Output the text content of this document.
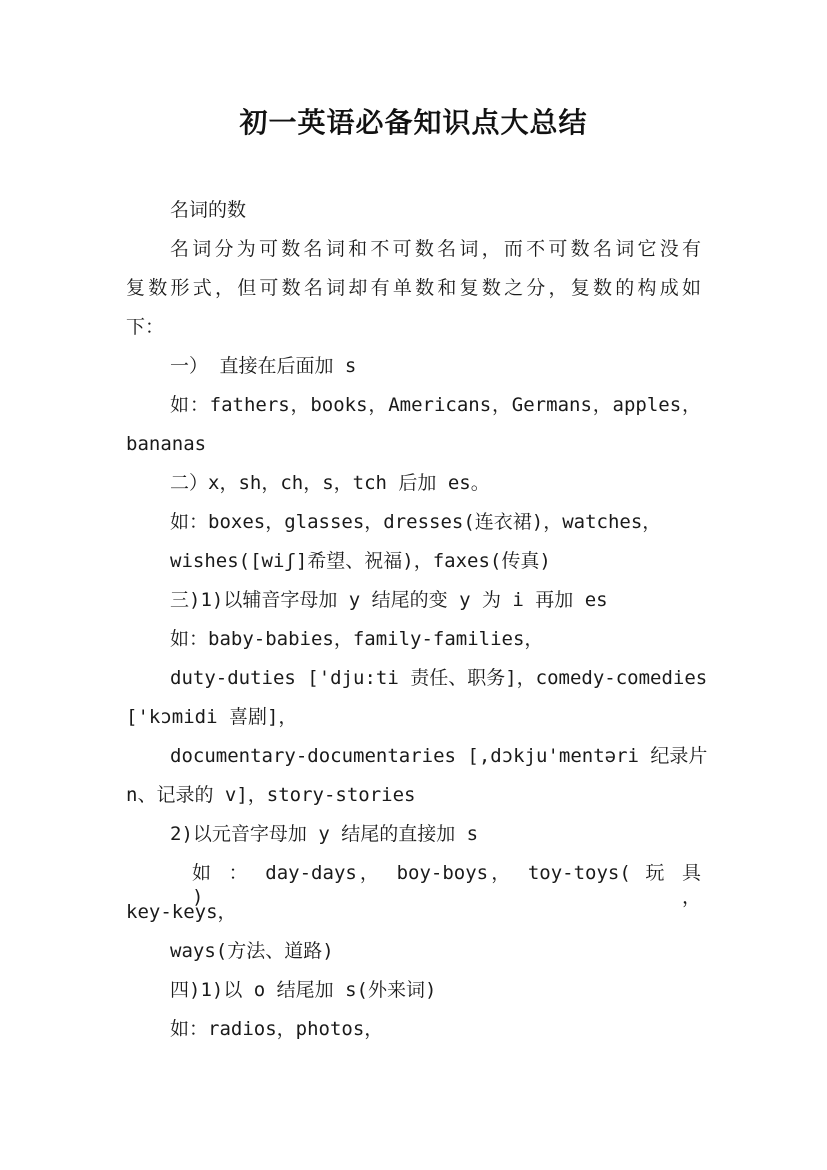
初一英语必备知识点大总结
名词的数
名词分为可数名词和不可数名词，而不可数名词它没有
复数形式，但可数名词却有单数和复数之分，复数的构成如
下：
一） 直接在后面加 s
如：fathers，books，Americans，Germans，apples，
bananas
二）x，sh，ch，s，tch 后加 es。
如：boxes，glasses，dresses(连衣裙)，watches，
wishes([wiʃ]希望、祝福)，faxes(传真)
三)1)以辅音字母加 y 结尾的变 y 为 i 再加 es
如：baby-babies，family-families，
duty-duties ['dju:ti 责任、职务]，comedy-comedies
['kɔmidi 喜剧]，
documentary-documentaries [,dɔkju'mentəri 纪录片
n、记录的 v]，story-stories
2)以元音字母加 y 结尾的直接加 s
如 ： day-days， boy-boys， toy-toys( 玩 具 )，
key-keys，
ways(方法、道路)
四)1)以 o 结尾加 s(外来词)
如：radios，photos，
